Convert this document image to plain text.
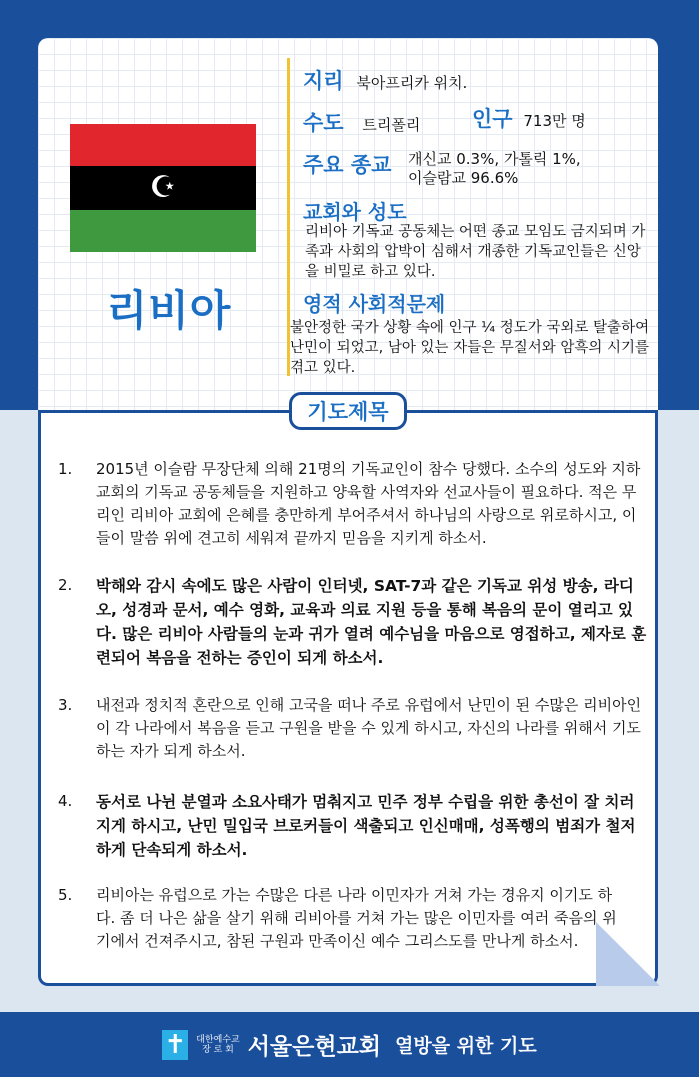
☪
리비아
지리 북아프리카 위치.
수도 트리폴리 인구 713만 명
주요 종교 개신교 0.3%, 가톨릭 1%,
이슬람교 96.6%
교회와 성도
리비아 기독교 공동체는 어떤 종교 모임도 금지되며 가족과 사회의 압박이 심해서 개종한 기독교인들은 신앙을 비밀로 하고 있다.
영적 사회적문제
불안정한 국가 상황 속에 인구 ¼ 정도가 국외로 탈출하여 난민이 되었고, 남아 있는 자들은 무질서와 암흑의 시기를 겪고 있다.
기도제목
1.	2015년 이슬람 무장단체 의해 21명의 기독교인이 참수 당했다. 소수의 성도와 지하교회의 기독교 공동체들을 지원하고 양육할 사역자와 선교사들이 필요하다. 적은 무리인 리비아 교회에 은혜를 충만하게 부어주셔서 하나님의 사랑으로 위로하시고, 이들이 말씀 위에 견고히 세워져 끝까지 믿음을 지키게 하소서.
2.	박해와 감시 속에도 많은 사람이 인터넷, SAT-7과 같은 기독교 위성 방송, 라디오, 성경과 문서, 예수 영화, 교육과 의료 지원 등을 통해 복음의 문이 열리고 있다. 많은 리비아 사람들의 눈과 귀가 열려 예수님을 마음으로 영접하고, 제자로 훈련되어 복음을 전하는 증인이 되게 하소서.
3.	내전과 정치적 혼란으로 인해 고국을 떠나 주로 유럽에서 난민이 된 수많은 리비아인이 각 나라에서 복음을 듣고 구원을 받을 수 있게 하시고, 자신의 나라를 위해서 기도하는 자가 되게 하소서.
4.	동서로 나뉜 분열과 소요사태가 멈춰지고 민주 정부 수립을 위한 총선이 잘 치러지게 하시고, 난민 밀입국 브로커들이 색출되고 인신매매, 성폭행의 범죄가 철저하게 단속되게 하소서.
5.	리비아는 유럽으로 가는 수많은 다른 나라 이민자가 거쳐 가는 경유지 이기도 하다. 좀 더 나은 삶을 살기 위해 리비아를 거쳐 가는 많은 이민자를 여러 죽음의 위기에서 건져주시고, 참된 구원과 만족이신 예수 그리스도를 만나게 하소서.
✝ 대한예수교
장 로 회 서울은현교회 열방을 위한 기도
